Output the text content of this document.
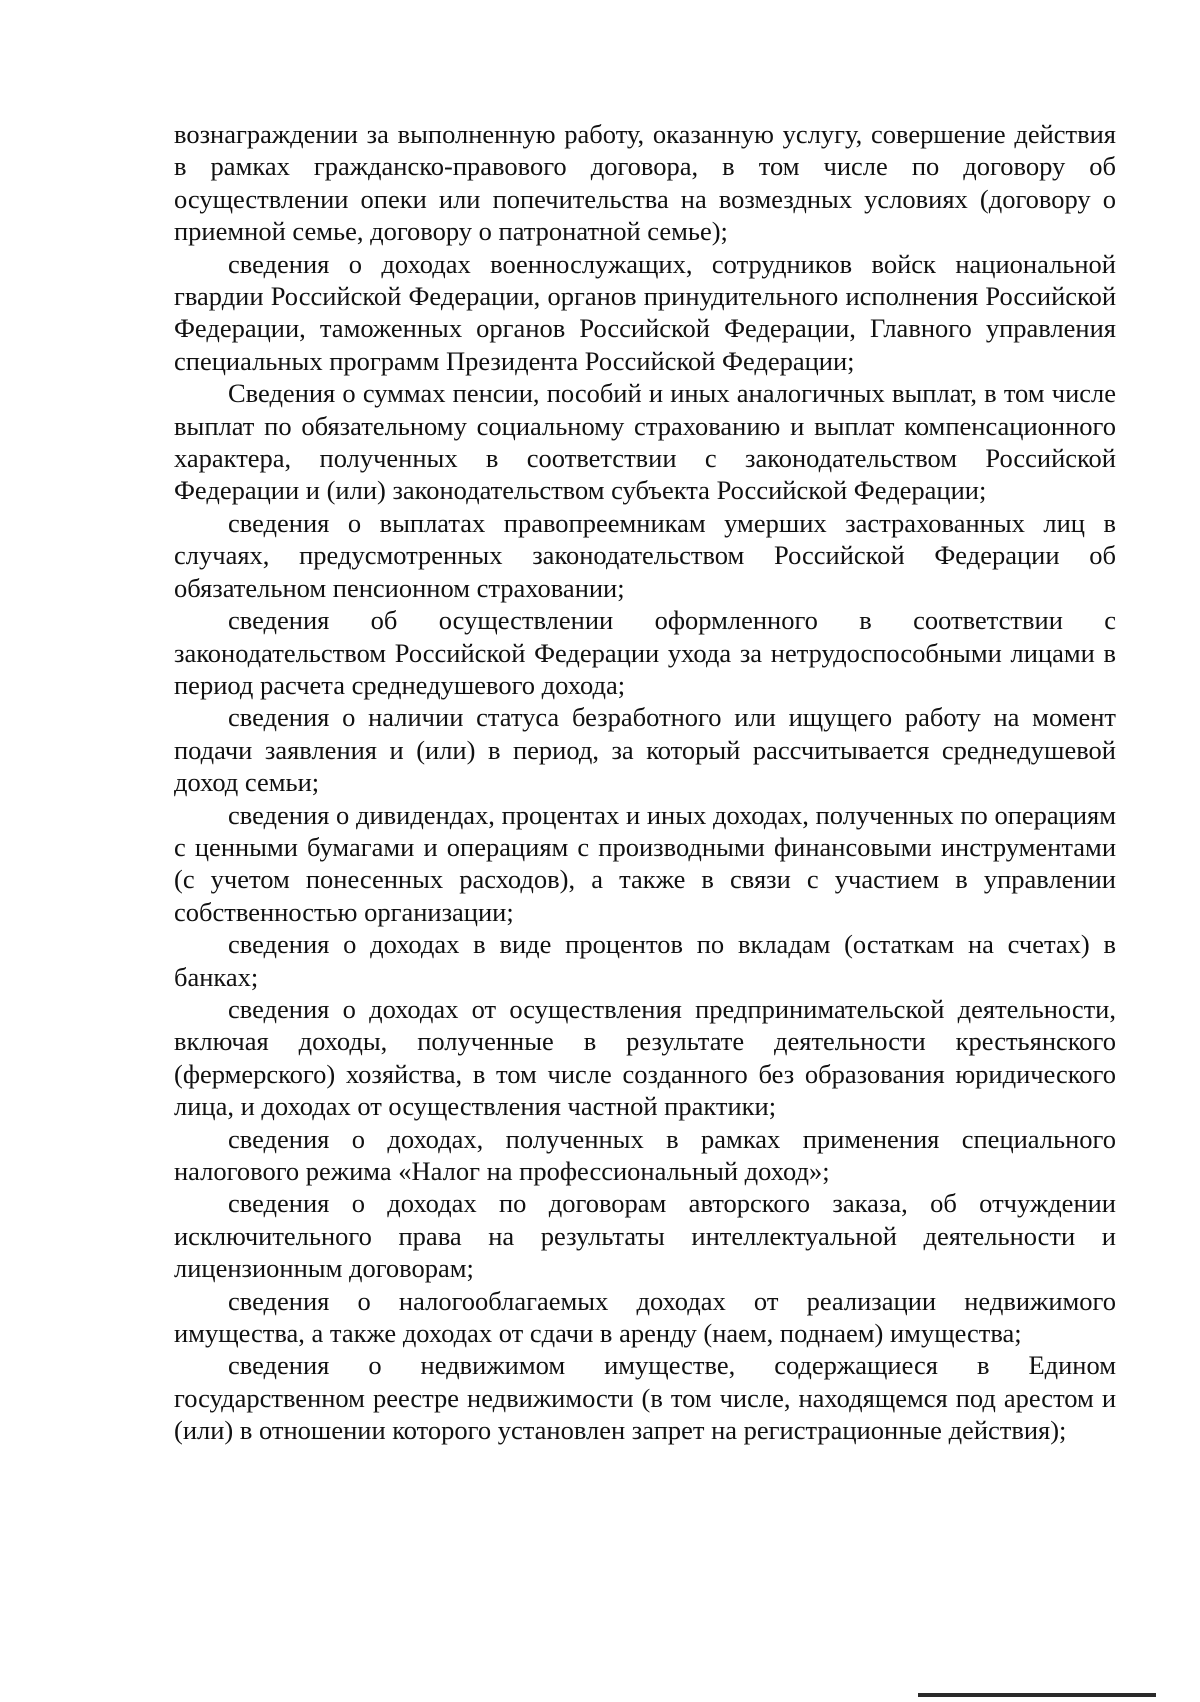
вознаграждении за выполненную работу, оказанную услугу, совершение действия в рамках гражданско-правового договора, в том числе по договору об осуществлении опеки или попечительства на возмездных условиях (договору о приемной семье, договору о патронатной семье);

сведения о доходах военнослужащих, сотрудников войск национальной гвардии Российской Федерации, органов принудительного исполнения Российской Федерации, таможенных органов Российской Федерации, Главного управления специальных программ Президента Российской Федерации;

Сведения о суммах пенсии, пособий и иных аналогичных выплат, в том числе выплат по обязательному социальному страхованию и выплат компенсационного характера, полученных в соответствии с законодательством Российской Федерации и (или) законодательством субъекта Российской Федерации;

сведения о выплатах правопреемникам умерших застрахованных лиц в случаях, предусмотренных законодательством Российской Федерации об обязательном пенсионном страховании;

сведения об осуществлении оформленного в соответствии с законодательством Российской Федерации ухода за нетрудоспособными лицами в период расчета среднедушевого дохода;

сведения о наличии статуса безработного или ищущего работу на момент подачи заявления и (или) в период, за который рассчитывается среднедушевой доход семьи;

сведения о дивидендах, процентах и иных доходах, полученных по операциям с ценными бумагами и операциям с производными финансовыми инструментами (с учетом понесенных расходов), а также в связи с участием в управлении собственностью организации;

сведения о доходах в виде процентов по вкладам (остаткам на счетах) в банках;

сведения о доходах от осуществления предпринимательской деятельности, включая доходы, полученные в результате деятельности крестьянского (фермерского) хозяйства, в том числе созданного без образования юридического лица, и доходах от осуществления частной практики;

сведения о доходах, полученных в рамках применения специального налогового режима «Налог на профессиональный доход»;

сведения о доходах по договорам авторского заказа, об отчуждении исключительного права на результаты интеллектуальной деятельности и лицензионным договорам;

сведения о налогооблагаемых доходах от реализации недвижимого имущества, а также доходах от сдачи в аренду (наем, поднаем) имущества;

сведения о недвижимом имуществе, содержащиеся в Едином государственном реестре недвижимости (в том числе, находящемся под арестом и (или) в отношении которого установлен запрет на регистрационные действия);
